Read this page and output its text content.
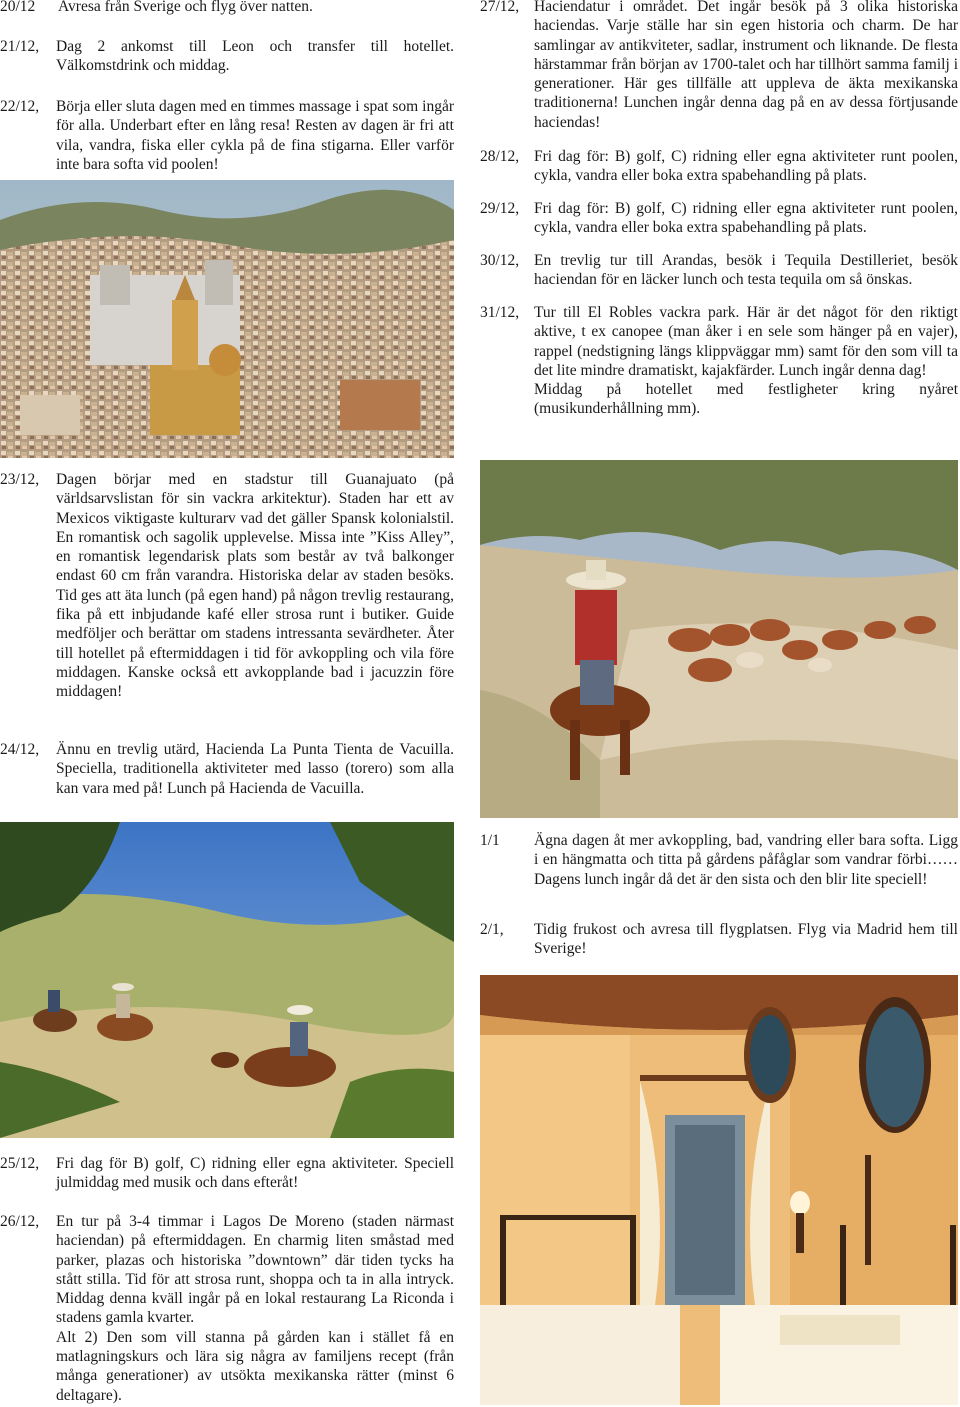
20/12	Avresa från Sverige och flyg över natten.
21/12,	Dag 2 ankomst till Leon och transfer till hotellet. Välkomstdrink och middag.
22/12,	Börja eller sluta dagen med en timmes massage i spat som ingår för alla. Underbart efter en lång resa! Resten av dagen är fri att vila, vandra, fiska eller cykla på de fina stigarna. Eller varför inte bara softa vid poolen!
23/12,	Dagen börjar med en stadstur till Guanajuato (på världsarvslistan för sin vackra arkitektur). Staden har ett av Mexicos viktigaste kulturarv vad det gäller Spansk kolonialstil. En romantisk och sagolik upplevelse. Missa inte ”Kiss Alley”, en romantisk legendarisk plats som består av två balkonger endast 60 cm från varandra. Historiska delar av staden besöks. Tid ges att äta lunch (på egen hand) på någon trevlig restaurang, fika på ett inbjudande kafé eller strosa runt i butiker. Guide medföljer och berättar om stadens intressanta sevärdheter. Åter till hotellet på eftermiddagen i tid för avkoppling och vila före middagen. Kanske också ett avkopplande bad i jacuzzin före middagen!
24/12,	Ännu en trevlig utärd, Hacienda La Punta Tienta de Vacuilla. Speciella, traditionella aktiviteter med lasso (torero) som alla kan vara med på! Lunch på Hacienda de Vacuilla.
25/12,	Fri dag för B) golf, C) ridning eller egna aktiviteter. Speciell julmiddag med musik och dans efteråt!
26/12,	En tur på 3-4 timmar i Lagos De Moreno (staden närmast haciendan) på eftermiddagen. En charmig liten småstad med parker, plazas och historiska ”downtown” där tiden tycks ha stått stilla. Tid för att strosa runt, shoppa och ta in alla intryck. Middag denna kväll ingår på en lokal restaurang La Riconda i stadens gamla kvarter.
Alt 2) Den som vill stanna på gården kan i stället få en matlagningskurs och lära sig några av familjens recept (från många generationer) av utsökta mexikanska rätter (minst 6 deltagare).
27/12, Haciendatur i området. Det ingår besök på 3 olika historiska haciendas. Varje ställe har sin egen historia och charm. De har samlingar av antikviteter, sadlar, instrument och liknande. De flesta härstammar från början av 1700-talet och har tillhört samma familj i generationer. Här ges tillfälle att uppleva de äkta mexikanska traditionerna! Lunchen ingår denna dag på en av dessa förtjusande haciendas!
28/12, Fri dag för: B) golf, C) ridning eller egna aktiviteter runt poolen, cykla, vandra eller boka extra spabehandling på plats.
29/12, Fri dag för: B) golf, C) ridning eller egna aktiviteter runt poolen, cykla, vandra eller boka extra spabehandling på plats.
30/12, En trevlig tur till Arandas, besök i Tequila Destilleriet, besök haciendan för en läcker lunch och testa tequila om så önskas.
31/12, Tur till El Robles vackra park. Här är det något för den riktigt aktive, t ex canopee (man åker i en sele som hänger på en vajer), rappel (nedstigning längs klippväggar mm) samt för den som vill ta det lite mindre dramatiskt, kajakfärder. Lunch ingår denna dag!
Middag på hotellet med festligheter kring nyåret (musikunderhållning mm).
1/1	Ägna dagen åt mer avkoppling, bad, vandring eller bara softa. Ligg i en hängmatta och titta på gårdens påfåglar som vandrar förbi…… Dagens lunch ingår då det är den sista och den blir lite speciell!
2/1,	Tidig frukost och avresa till flygplatsen. Flyg via Madrid hem till Sverige!
